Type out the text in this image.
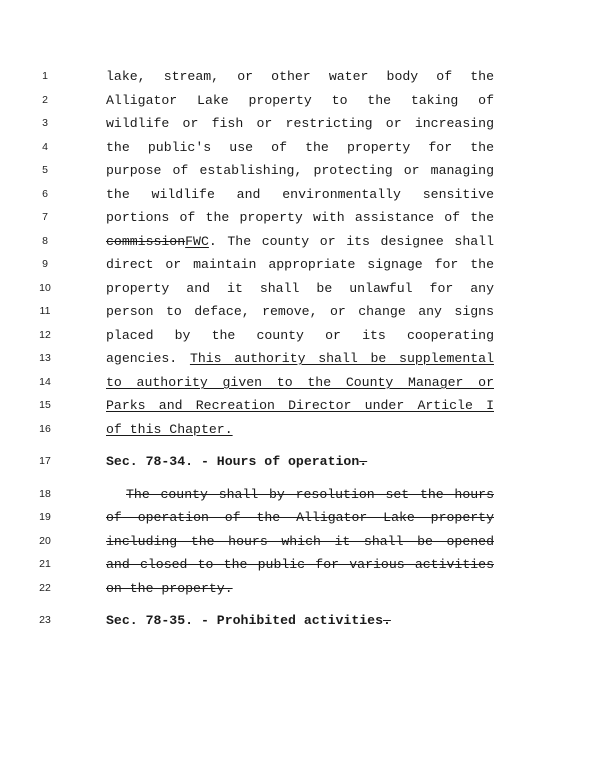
1
2
3
4
5
6
7
8
9
10
11
12
13
14
15
16
17
18
19
20
21
22
23
lake, stream, or other water body of the
Alligator Lake property to the taking of
wildlife or fish or restricting or increasing
the public's use of the property for the
purpose of establishing, protecting or managing
the wildlife and environmentally sensitive
portions of the property with assistance of the
commissionFWC. The county or its designee shall
direct or maintain appropriate signage for the
property and it shall be unlawful for any
person to deface, remove, or change any signs
placed by the county or its cooperating
agencies. This authority shall be supplemental
to authority given to the County Manager or
Parks and Recreation Director under Article I
of this Chapter.
Sec. 78-34. - Hours of operation.
The county shall by resolution set the hours
of operation of the Alligator Lake property
including the hours which it shall be opened
and closed to the public for various activities
on the property.
Sec. 78-35. - Prohibited activities.
